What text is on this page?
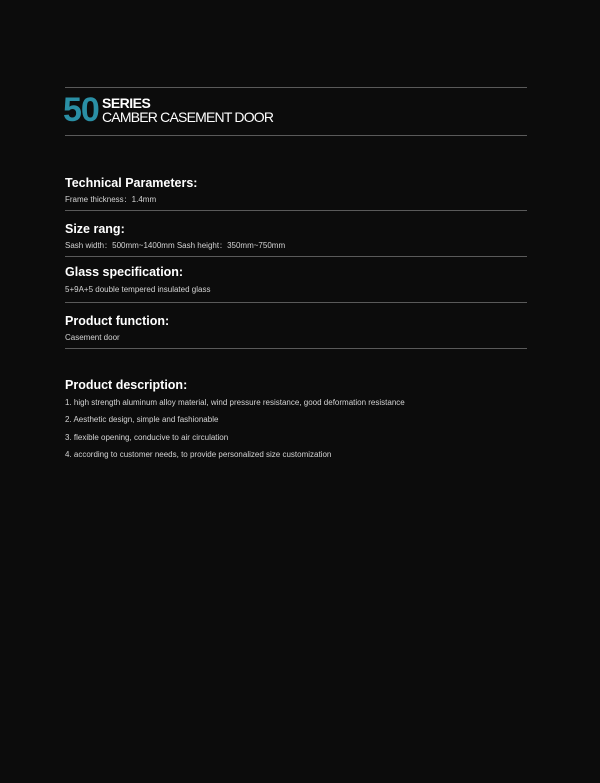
50 SERIES
CAMBER CASEMENT DOOR
Technical Parameters:
Frame thickness：1.4mm
Size rang:
Sash width：500mm~1400mm Sash height：350mm~750mm
Glass specification:
5+9A+5 double tempered insulated glass
Product function:
Casement door
Product description:
1. high strength aluminum alloy material, wind pressure resistance, good deformation resistance
2. Aesthetic design, simple and fashionable
3. flexible opening, conducive to air circulation
4. according to customer needs, to provide personalized size customization
